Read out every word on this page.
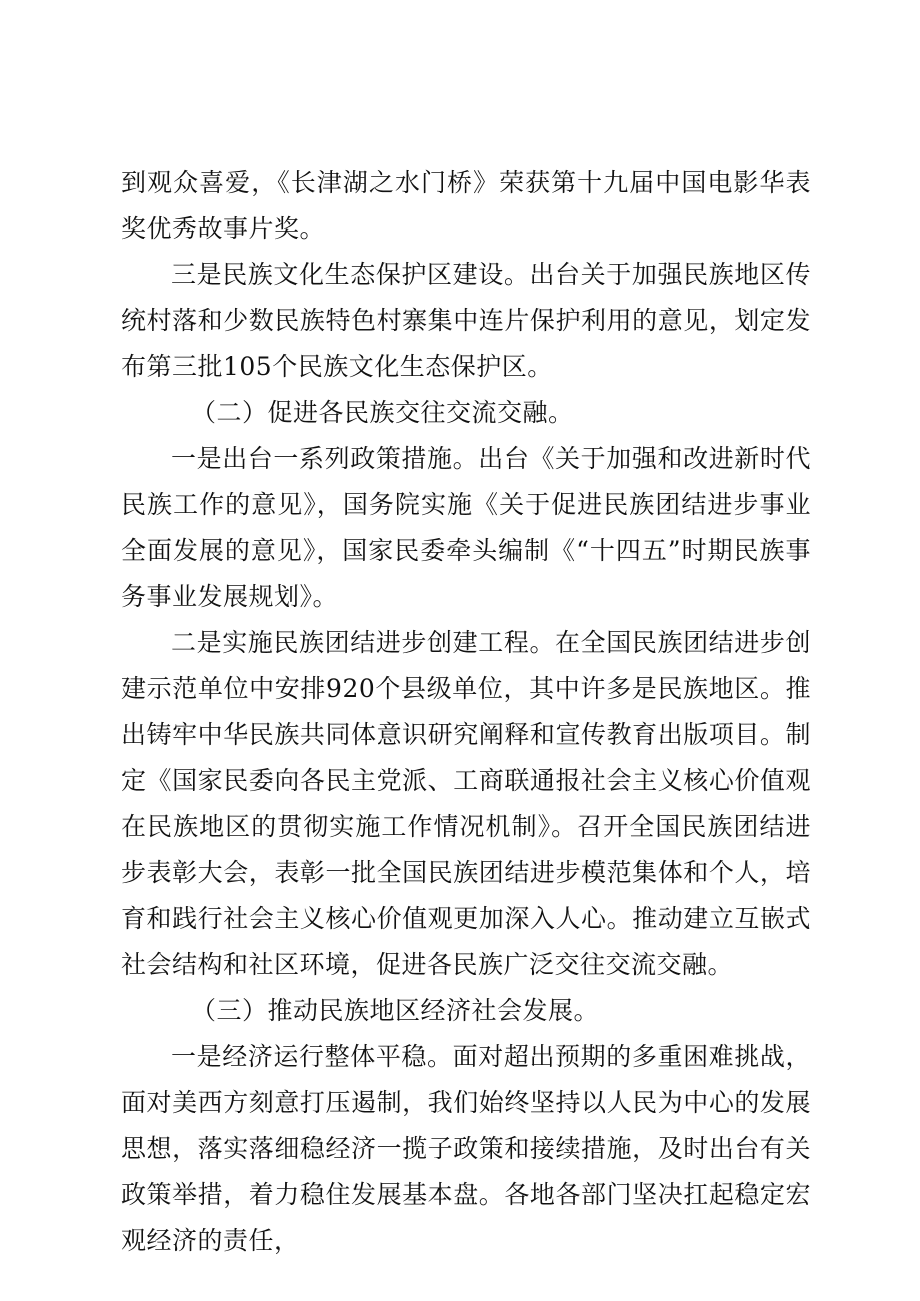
到观众喜爱，《长津湖之水门桥》荣获第十九届中国电影华表奖优秀故事片奖。

三是民族文化生态保护区建设。出台关于加强民族地区传统村落和少数民族特色村寨集中连片保护利用的意见，划定发布第三批105个民族文化生态保护区。

（二）促进各民族交往交流交融。

一是出台一系列政策措施。出台《关于加强和改进新时代民族工作的意见》，国务院实施《关于促进民族团结进步事业全面发展的意见》，国家民委牵头编制《“十四五”时期民族事务事业发展规划》。

二是实施民族团结进步创建工程。在全国民族团结进步创建示范单位中安排920个县级单位，其中许多是民族地区。推出铸牢中华民族共同体意识研究阐释和宣传教育出版项目。制定《国家民委向各民主党派、工商联通报社会主义核心价值观在民族地区的贯彻实施工作情况机制》。召开全国民族团结进步表彰大会，表彰一批全国民族团结进步模范集体和个人，培育和践行社会主义核心价值观更加深入人心。推动建立互嵌式社会结构和社区环境，促进各民族广泛交往交流交融。

（三）推动民族地区经济社会发展。

一是经济运行整体平稳。面对超出预期的多重困难挑战，面对美西方刻意打压遏制，我们始终坚持以人民为中心的发展思想，落实落细稳经济一揽子政策和接续措施，及时出台有关政策举措，着力稳住发展基本盘。各地各部门坚决扛起稳定宏观经济的责任，
